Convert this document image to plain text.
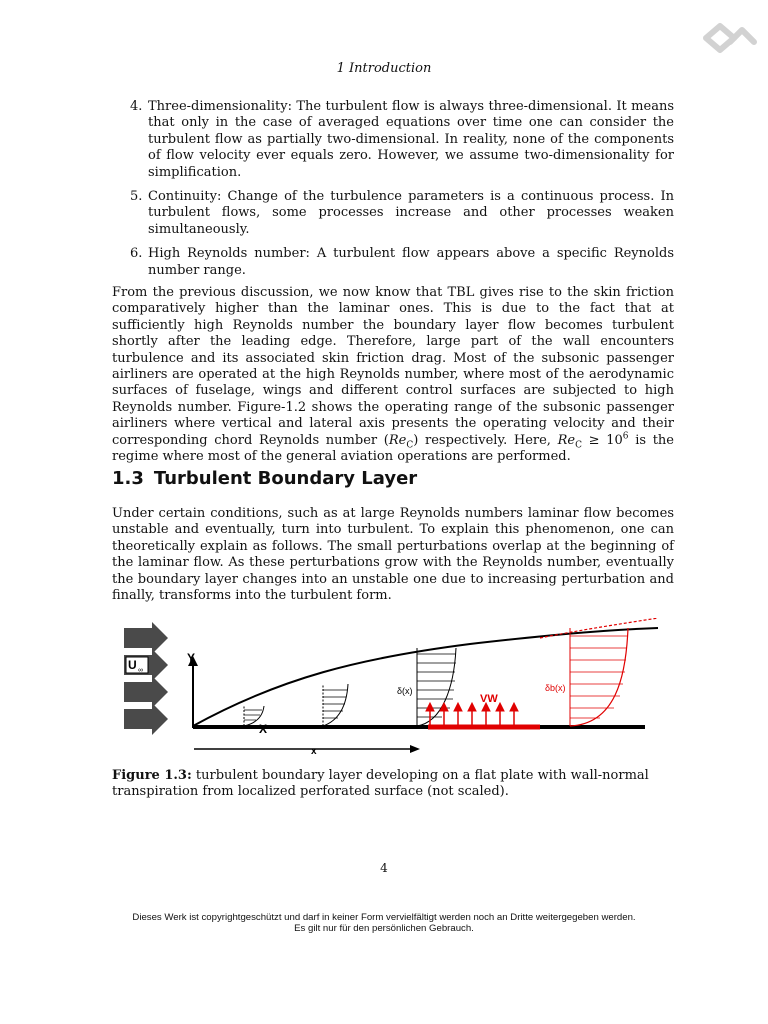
1 Introduction
4. Three-dimensionality: The turbulent flow is always three-dimensional. It means that only in the case of averaged equations over time one can consider the turbulent flow as partially two-dimensional. In reality, none of the components of flow velocity ever equals zero. However, we assume two-dimensionality for simplification.
5. Continuity: Change of the turbulence parameters is a continuous process. In turbulent flows, some processes increase and other processes weaken simultaneously.
6. High Reynolds number: A turbulent flow appears above a specific Reynolds number range.

From the previous discussion, we now know that TBL gives rise to the skin friction comparatively higher than the laminar ones. This is due to the fact that at sufficiently high Reynolds number the boundary layer flow becomes turbulent shortly after the leading edge. Therefore, large part of the wall encounters turbulence and its associated skin friction drag. Most of the subsonic passenger airliners are operated at the high Reynolds number, where most of the aerodynamic surfaces of fuselage, wings and different control surfaces are subjected to high Reynolds number. Figure-1.2 shows the operating range of the subsonic passenger airliners where vertical and lateral axis presents the operating velocity and their corresponding chord Reynolds number $(Re_C)$ respectively. Here, $Re_C \ge 10^6$ is the regime where most of the general aviation operations are performed.

1.3 Turbulent Boundary Layer

Under certain conditions, such as at large Reynolds numbers laminar flow becomes unstable and eventually, turn into turbulent. To explain this phenomenon, one can theoretically explain as follows. The small perturbations overlap at the beginning of the laminar flow. As these perturbations grow with the Reynolds number, eventually the boundary layer changes into an unstable one due to increasing perturbation and finally, transforms into the turbulent form.

U ∞
Y
δ(x)
VW
δb(x)
X
x
Figure 1.3: turbulent boundary layer developing on a flat plate with wall-normal transpiration from localized perforated surface (not scaled).
4
Dieses Werk ist copyrightgeschützt und darf in keiner Form vervielfältigt werden noch an Dritte weitergegeben werden.
Es gilt nur für den persönlichen Gebrauch.
